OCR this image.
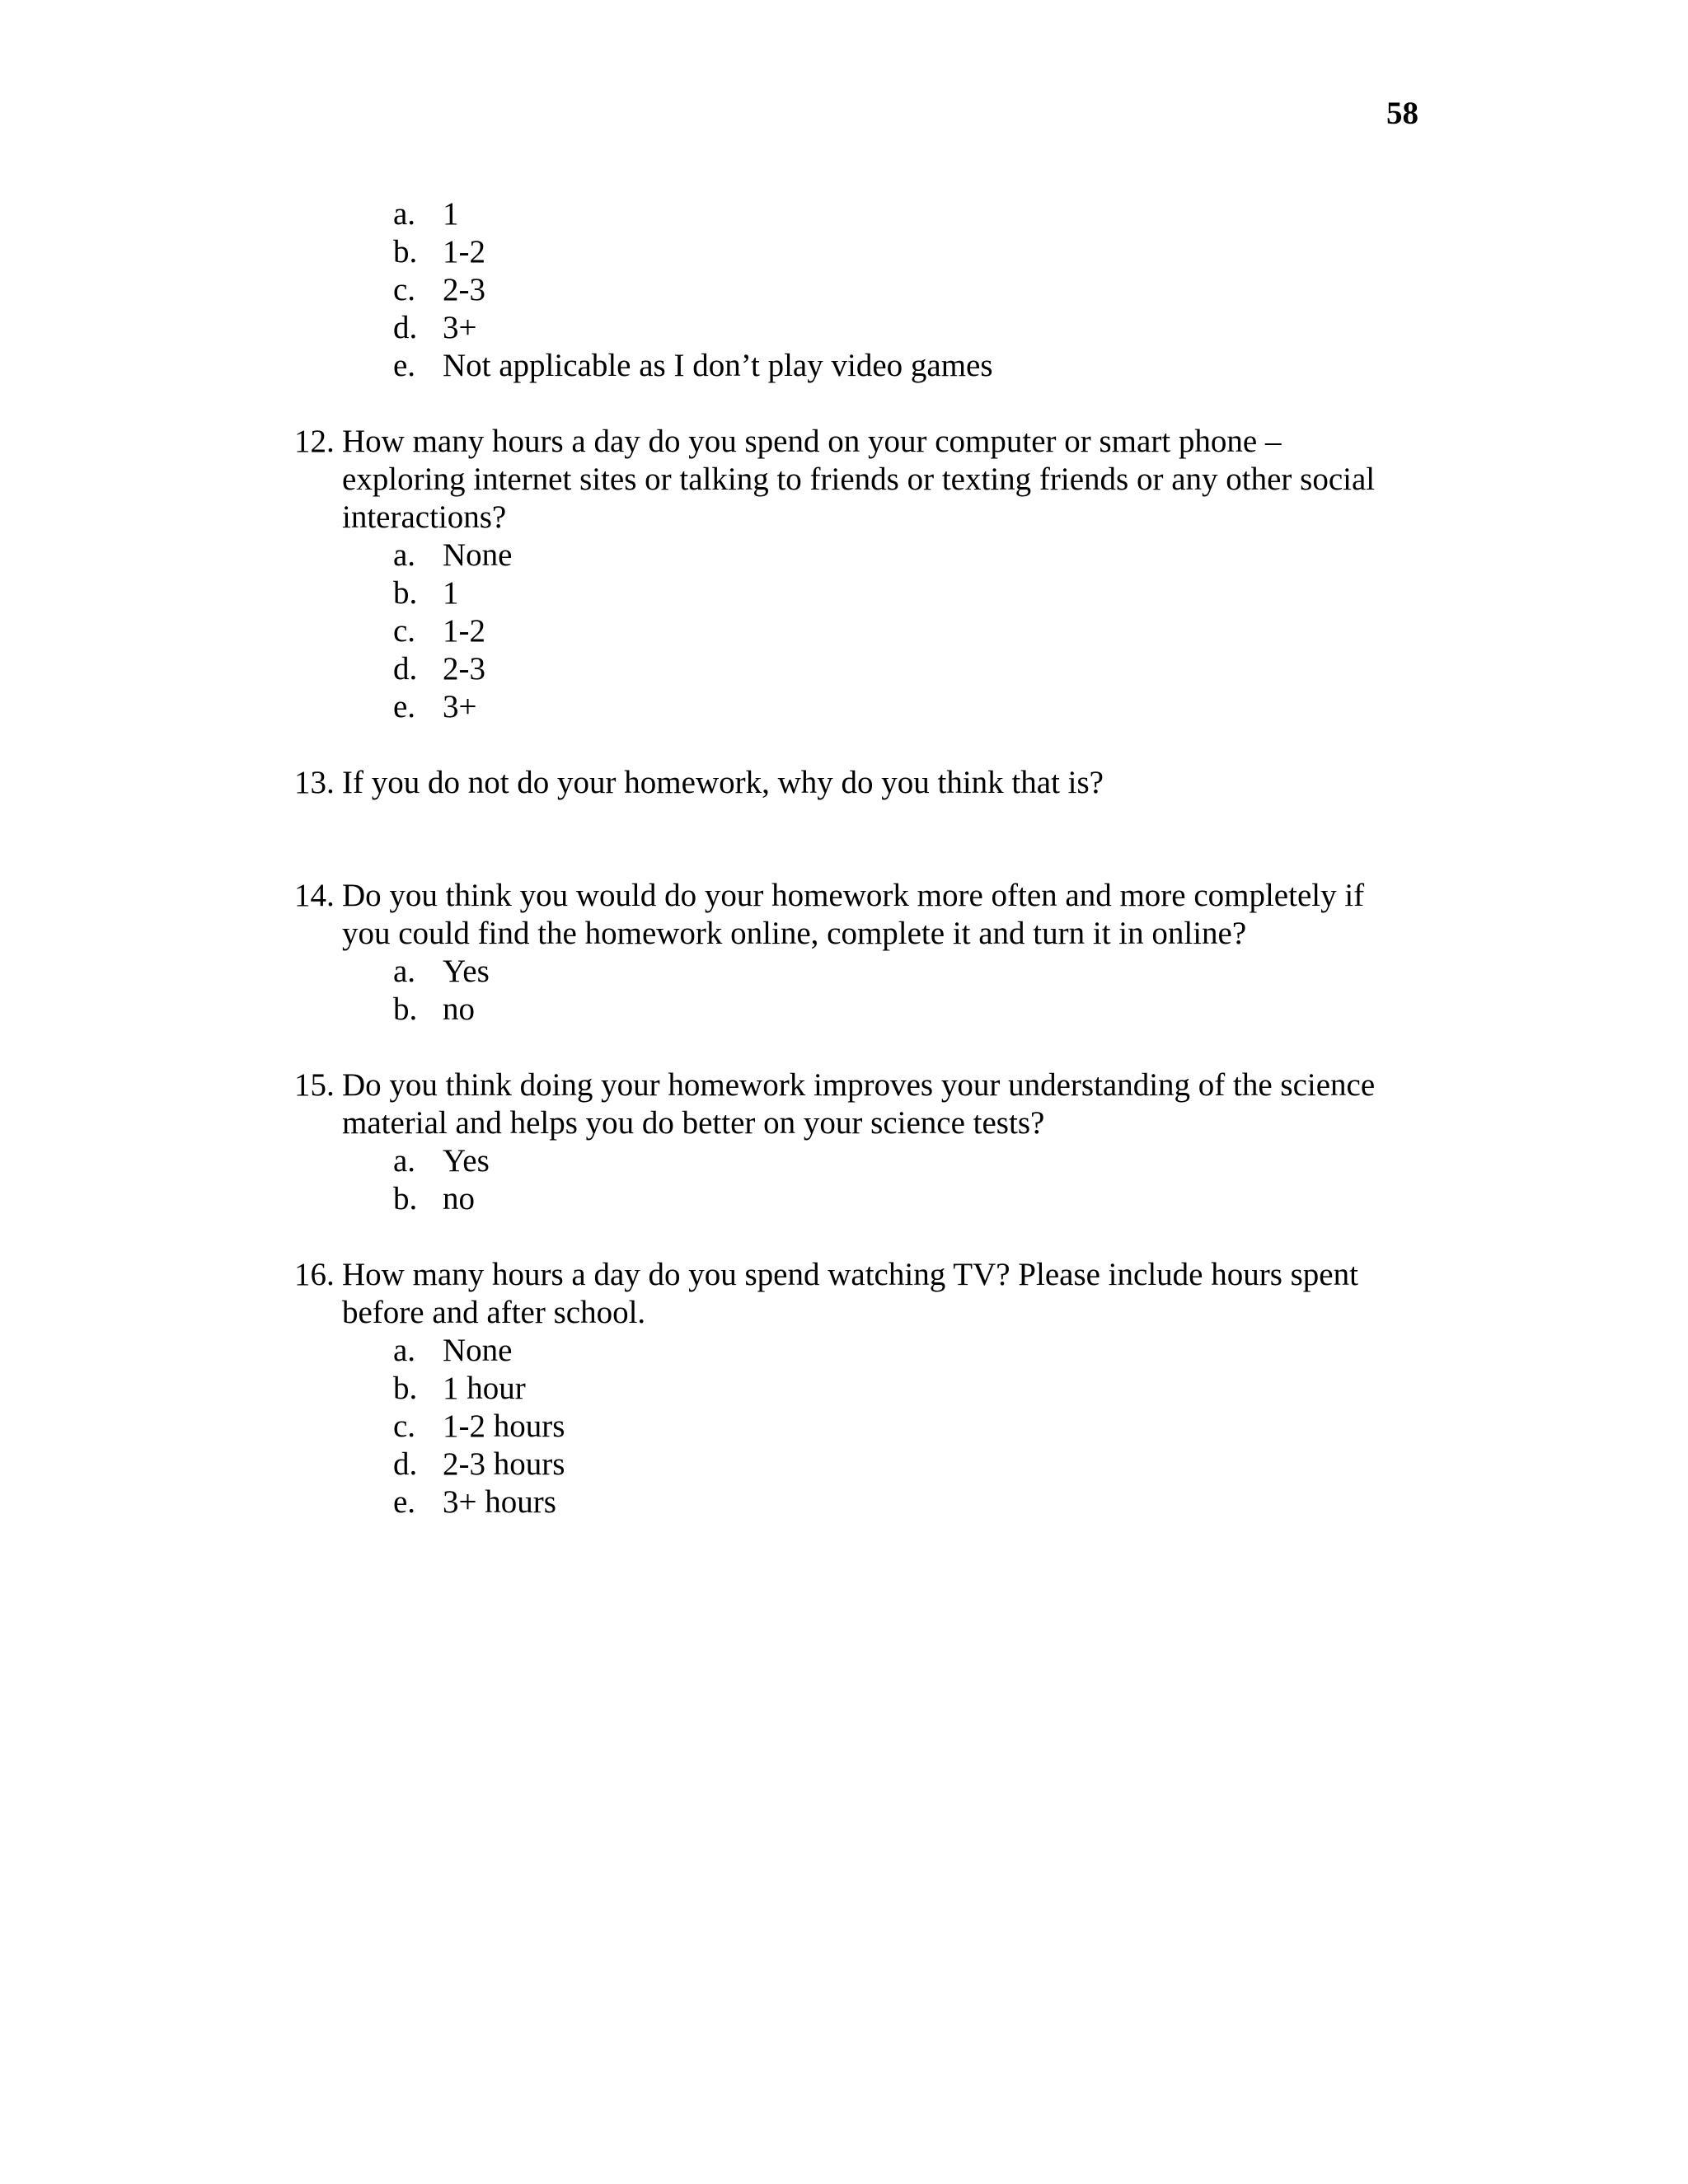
58
a. 1
b. 1-2
c. 2-3
d. 3+
e. Not applicable as I don’t play video games
12. How many hours a day do you spend on your computer or smart phone –
exploring internet sites or talking to friends or texting friends or any other social
interactions?
a. None
b. 1
c. 1-2
d. 2-3
e. 3+
13. If you do not do your homework, why do you think that is?
14. Do you think you would do your homework more often and more completely if
you could find the homework online, complete it and turn it in online?
a. Yes
b. no
15. Do you think doing your homework improves your understanding of the science
material and helps you do better on your science tests?
a. Yes
b. no
16. How many hours a day do you spend watching TV? Please include hours spent
before and after school.
a. None
b. 1 hour
c. 1-2 hours
d. 2-3 hours
e. 3+ hours
